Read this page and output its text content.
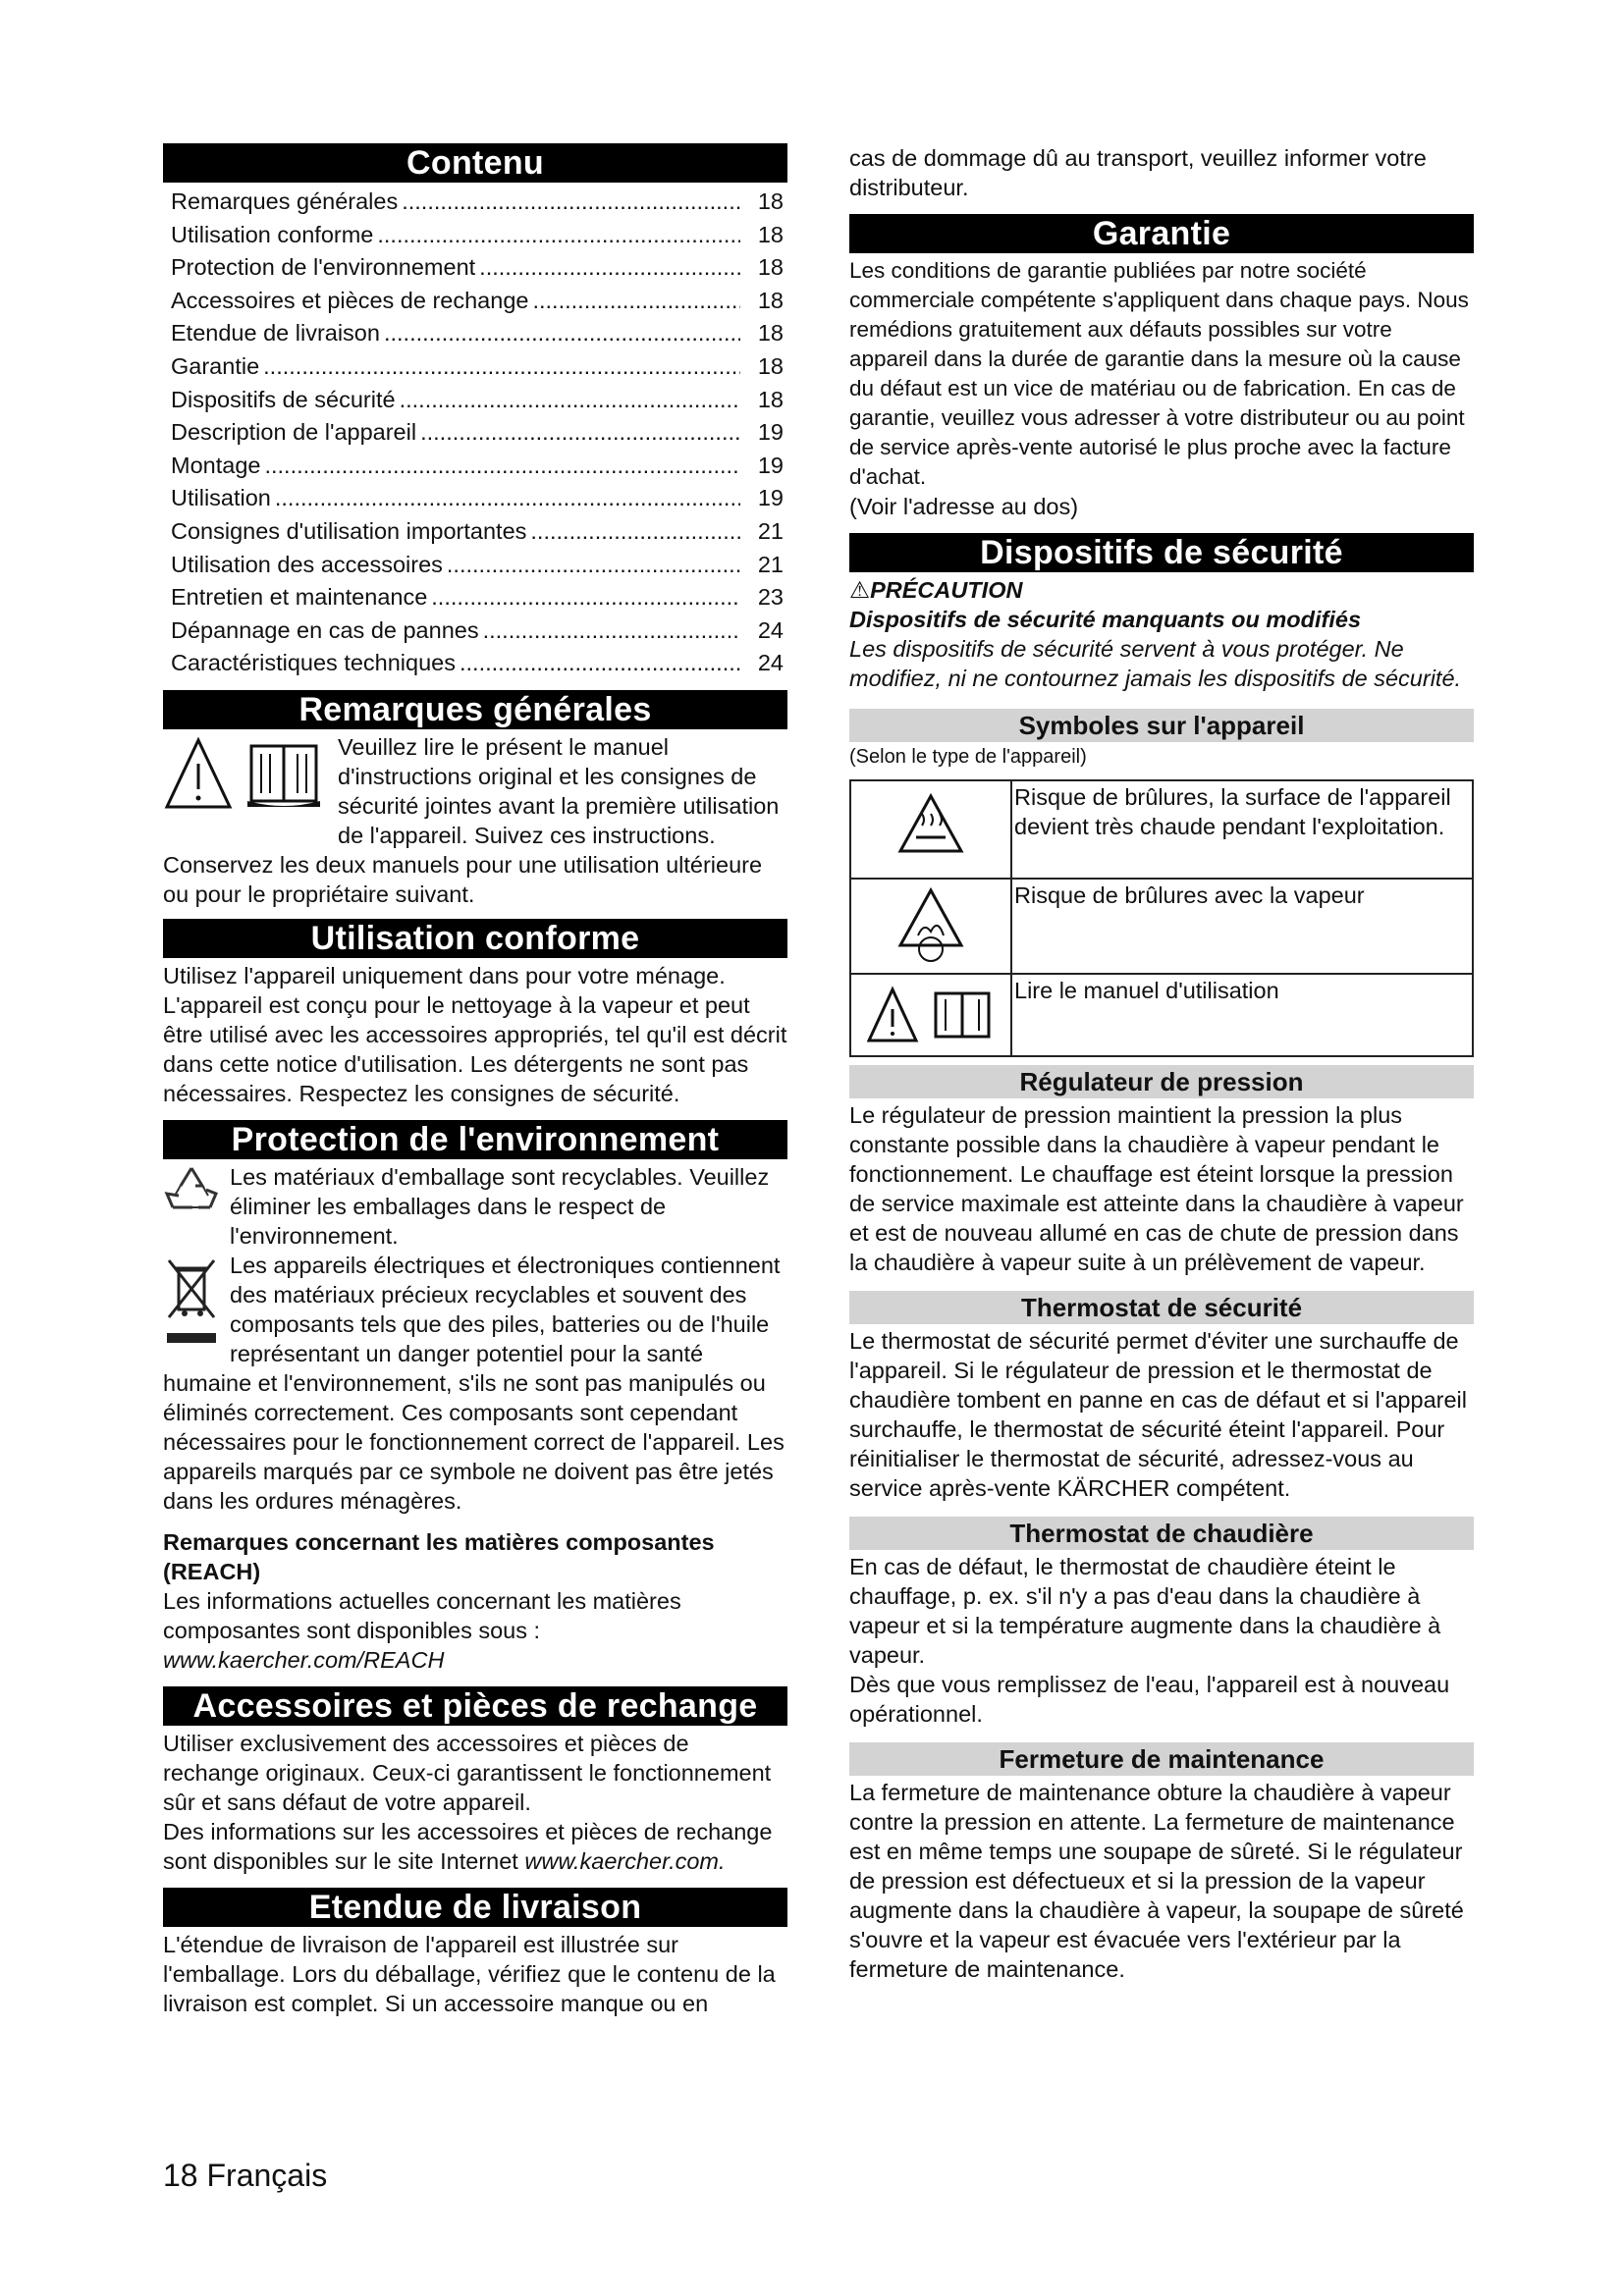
Contenu
Remarques générales .....	18
Utilisation conforme .....	18
Protection de l'environnement .....	18
Accessoires et pièces de rechange .....	18
Etendue de livraison .....	18
Garantie .....	18
Dispositifs de sécurité .....	18
Description de l'appareil .....	19
Montage .....	19
Utilisation .....	19
Consignes d'utilisation importantes .....	21
Utilisation des accessoires .....	21
Entretien et maintenance .....	23
Dépannage en cas de pannes .....	24
Caractéristiques techniques .....	24
Remarques générales

Veuillez lire le présent le manuel d'instructions original et les consignes de sécurité jointes avant la première utilisation de l'appareil. Suivez ces instructions. Conservez les deux manuels pour une utilisation ultérieure ou pour le propriétaire suivant.

Utilisation conforme

Utilisez l'appareil uniquement dans pour votre ménage. L'appareil est conçu pour le nettoyage à la vapeur et peut être utilisé avec les accessoires appropriés, tel qu'il est décrit dans cette notice d'utilisation. Les détergents ne sont pas nécessaires. Respectez les consignes de sécurité.

Protection de l'environnement

Les matériaux d'emballage sont recyclables. Veuillez éliminer les emballages dans le respect de l'environnement.

Les appareils électriques et électroniques contiennent des matériaux précieux recyclables et souvent des composants tels que des piles, batteries ou de l'huile représentant un danger potentiel pour la santé humaine et l'environnement, s'ils ne sont pas manipulés ou éliminés correctement. Ces composants sont cependant nécessaires pour le fonctionnement correct de l'appareil. Les appareils marqués par ce symbole ne doivent pas être jetés dans les ordures ménagères.

Remarques concernant les matières composantes (REACH)

Les informations actuelles concernant les matières composantes sont disponibles sous : www.kaercher.com/REACH

Accessoires et pièces de rechange

Utiliser exclusivement des accessoires et pièces de rechange originaux. Ceux-ci garantissent le fonctionnement sûr et sans défaut de votre appareil.

Des informations sur les accessoires et pièces de rechange sont disponibles sur le site Internet www.kaercher.com.

Etendue de livraison

L'étendue de livraison de l'appareil est illustrée sur l'emballage. Lors du déballage, vérifiez que le contenu de la livraison est complet. Si un accessoire manque ou en

cas de dommage dû au transport, veuillez informer votre distributeur.

Garantie

Les conditions de garantie publiées par notre société commerciale compétente s'appliquent dans chaque pays. Nous remédions gratuitement aux défauts possibles sur votre appareil dans la durée de garantie dans la mesure où la cause du défaut est un vice de matériau ou de fabrication. En cas de garantie, veuillez vous adresser à votre distributeur ou au point de service après-vente autorisé le plus proche avec la facture d'achat.

(Voir l'adresse au dos)

Dispositifs de sécurité

⚠PRÉCAUTION

Dispositifs de sécurité manquants ou modifiés

Les dispositifs de sécurité servent à vous protéger. Ne modifiez, ni ne contournez jamais les dispositifs de sécurité.

Symboles sur l'appareil

(Selon le type de l'appareil)

	Risque de brûlures, la surface de l'appareil devient très chaude pendant l'exploitation.
	Risque de brûlures avec la vapeur
	Lire le manuel d'utilisation
Régulateur de pression

Le régulateur de pression maintient la pression la plus constante possible dans la chaudière à vapeur pendant le fonctionnement. Le chauffage est éteint lorsque la pression de service maximale est atteinte dans la chaudière à vapeur et est de nouveau allumé en cas de chute de pression dans la chaudière à vapeur suite à un prélèvement de vapeur.

Thermostat de sécurité

Le thermostat de sécurité permet d'éviter une surchauffe de l'appareil. Si le régulateur de pression et le thermostat de chaudière tombent en panne en cas de défaut et si l'appareil surchauffe, le thermostat de sécurité éteint l'appareil. Pour réinitialiser le thermostat de sécurité, adressez-vous au service après-vente KÄRCHER compétent.

Thermostat de chaudière

En cas de défaut, le thermostat de chaudière éteint le chauffage, p. ex. s'il n'y a pas d'eau dans la chaudière à vapeur et si la température augmente dans la chaudière à vapeur.

Dès que vous remplissez de l'eau, l'appareil est à nouveau opérationnel.

Fermeture de maintenance

La fermeture de maintenance obture la chaudière à vapeur contre la pression en attente. La fermeture de maintenance est en même temps une soupape de sûreté. Si le régulateur de pression est défectueux et si la pression de la vapeur augmente dans la chaudière à vapeur, la soupape de sûreté s'ouvre et la vapeur est évacuée vers l'extérieur par la fermeture de maintenance.

18 Français
